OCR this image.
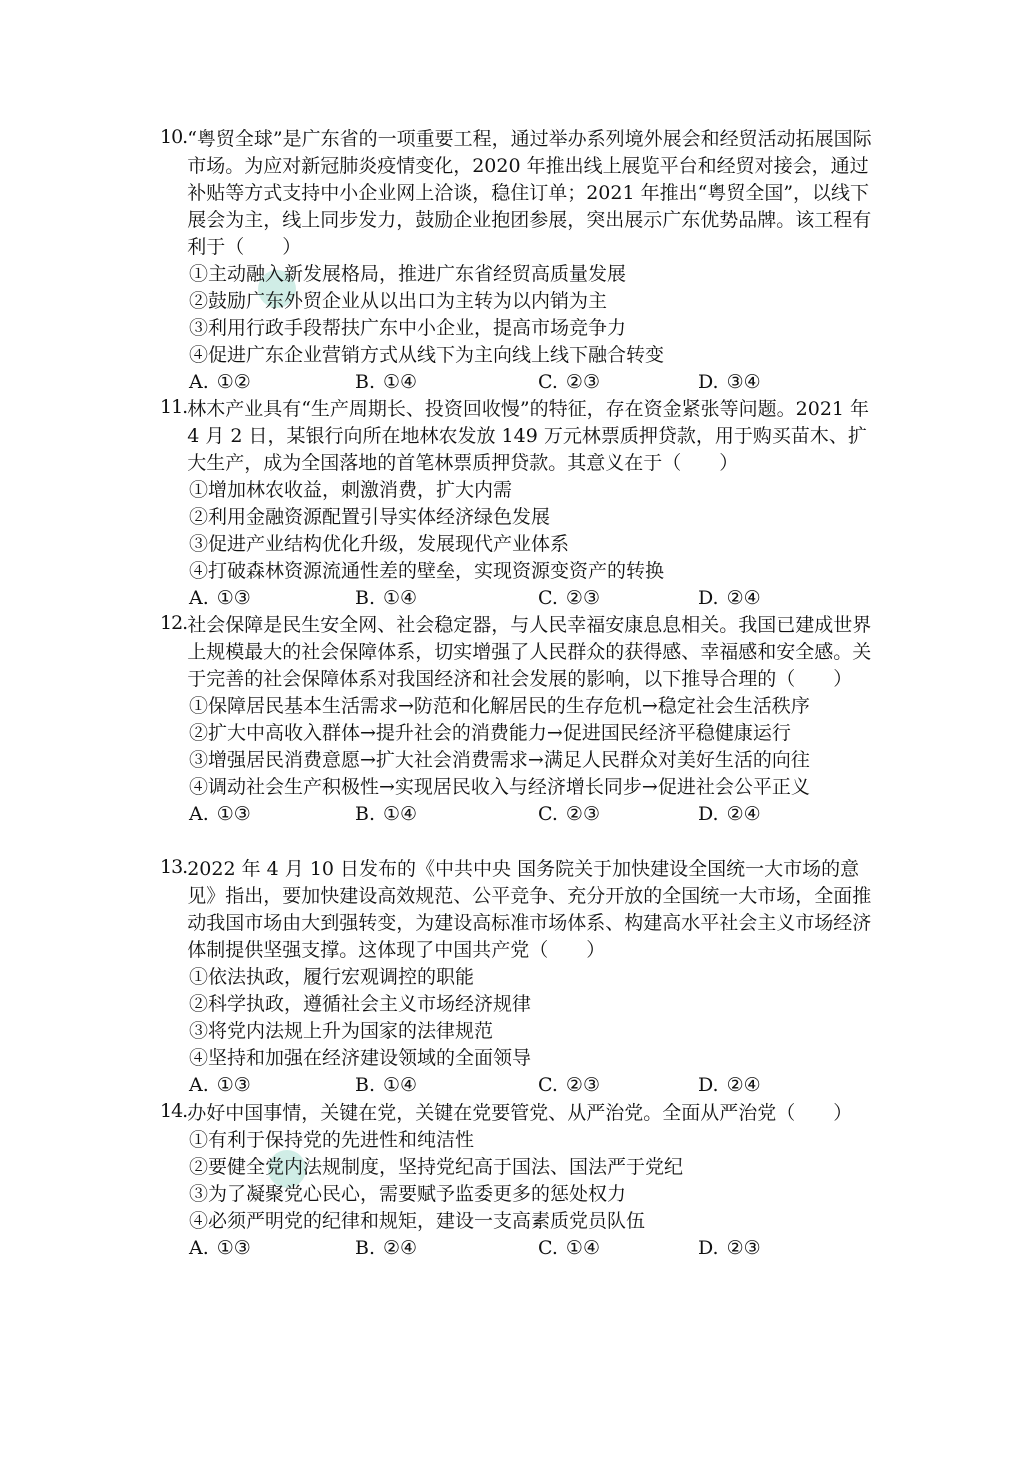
10. “粤贸全球”是广东省的一项重要工程，通过举办系列境外展会和经贸活动拓展国际市场。为应对新冠肺炎疫情变化，2020 年推出线上展览平台和经贸对接会，通过补贴等方式支持中小企业网上洽谈，稳住订单；2021 年推出“粤贸全国”，以线下展会为主，线上同步发力，鼓励企业抱团参展，突出展示广东优势品牌。该工程有利于（　　）
①主动融入新发展格局，推进广东省经贸高质量发展
②鼓励广东外贸企业从以出口为主转为以内销为主
③利用行政手段帮扶广东中小企业，提高市场竞争力
④促进广东企业营销方式从线下为主向线上线下融合转变
A. ①②	B. ①④	C. ②③	D. ③④
11. 林木产业具有“生产周期长、投资回收慢”的特征，存在资金紧张等问题。2021 年 4 月 2 日，某银行向所在地林农发放 149 万元林票质押贷款，用于购买苗木、扩大生产，成为全国落地的首笔林票质押贷款。其意义在于（　　）
①增加林农收益，刺激消费，扩大内需
②利用金融资源配置引导实体经济绿色发展
③促进产业结构优化升级，发展现代产业体系
④打破森林资源流通性差的壁垒，实现资源变资产的转换
A. ①③	B. ①④	C. ②③	D. ②④
12. 社会保障是民生安全网、社会稳定器，与人民幸福安康息息相关。我国已建成世界上规模最大的社会保障体系，切实增强了人民群众的获得感、幸福感和安全感。关于完善的社会保障体系对我国经济和社会发展的影响，以下推导合理的（　　）
①保障居民基本生活需求→防范和化解居民的生存危机→稳定社会生活秩序
②扩大中高收入群体→提升社会的消费能力→促进国民经济平稳健康运行
③增强居民消费意愿→扩大社会消费需求→满足人民群众对美好生活的向往
④调动社会生产积极性→实现居民收入与经济增长同步→促进社会公平正义
A. ①③	B. ①④	C. ②③	D. ②④
13. 2022 年 4 月 10 日发布的《中共中央 国务院关于加快建设全国统一大市场的意见》指出，要加快建设高效规范、公平竞争、充分开放的全国统一大市场，全面推动我国市场由大到强转变，为建设高标准市场体系、构建高水平社会主义市场经济体制提供坚强支撑。这体现了中国共产党（　　）
①依法执政，履行宏观调控的职能
②科学执政，遵循社会主义市场经济规律
③将党内法规上升为国家的法律规范
④坚持和加强在经济建设领域的全面领导
A. ①③	B. ①④	C. ②③	D. ②④
14. 办好中国事情，关键在党，关键在党要管党、从严治党。全面从严治党（　　）
①有利于保持党的先进性和纯洁性
②要健全党内法规制度，坚持党纪高于国法、国法严于党纪
③为了凝聚党心民心，需要赋予监委更多的惩处权力
④必须严明党的纪律和规矩，建设一支高素质党员队伍
A. ①③	B. ②④	C. ①④	D. ②③
